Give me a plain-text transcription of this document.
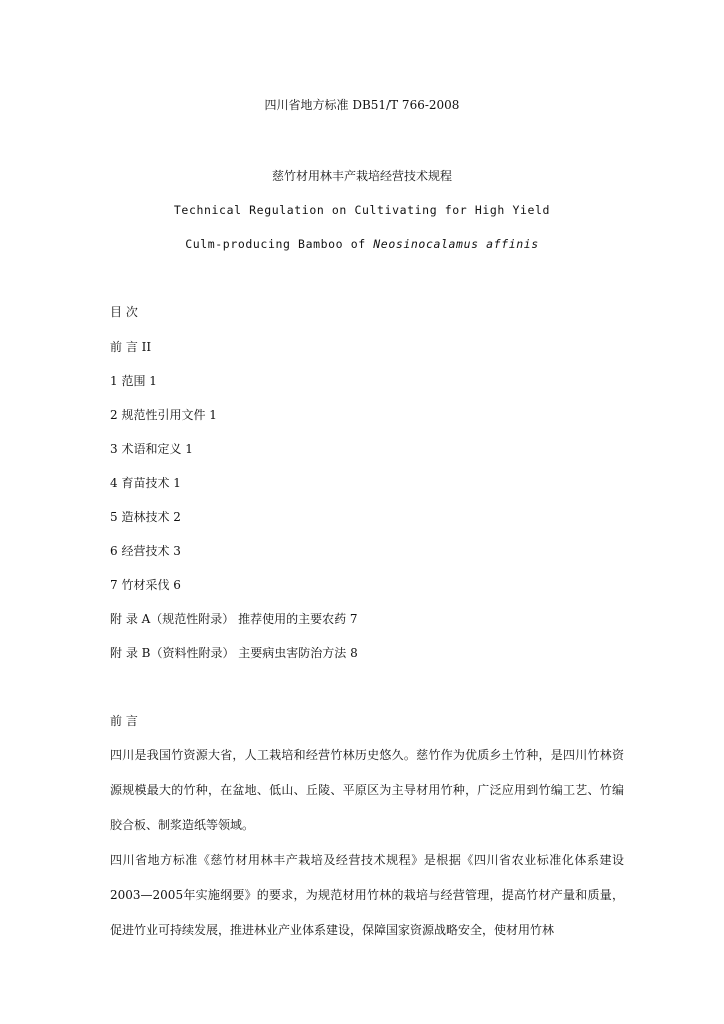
四川省地方标准 DB51/T 766-2008
慈竹材用林丰产栽培经营技术规程
Technical Regulation on Cultivating for High Yield
Culm-producing Bamboo of Neosinocalamus affinis
目 次
前 言 II
1 范围 1
2 规范性引用文件 1
3 术语和定义 1
4 育苗技术 1
5 造林技术 2
6 经营技术 3
7 竹材采伐 6
附 录 A（规范性附录） 推荐使用的主要农药 7
附 录 B（资料性附录） 主要病虫害防治方法 8
前 言
四川是我国竹资源大省，人工栽培和经营竹林历史悠久。慈竹作为优质乡土竹种，是四川竹林资源规模最大的竹种，在盆地、低山、丘陵、平原区为主导材用竹种，广泛应用到竹编工艺、竹编胶合板、制浆造纸等领域。
四川省地方标准《慈竹材用林丰产栽培及经营技术规程》是根据《四川省农业标准化体系建设2003—2005年实施纲要》的要求，为规范材用竹林的栽培与经营管理，提高竹材产量和质量，促进竹业可持续发展，推进林业产业体系建设，保障国家资源战略安全，使材用竹林
